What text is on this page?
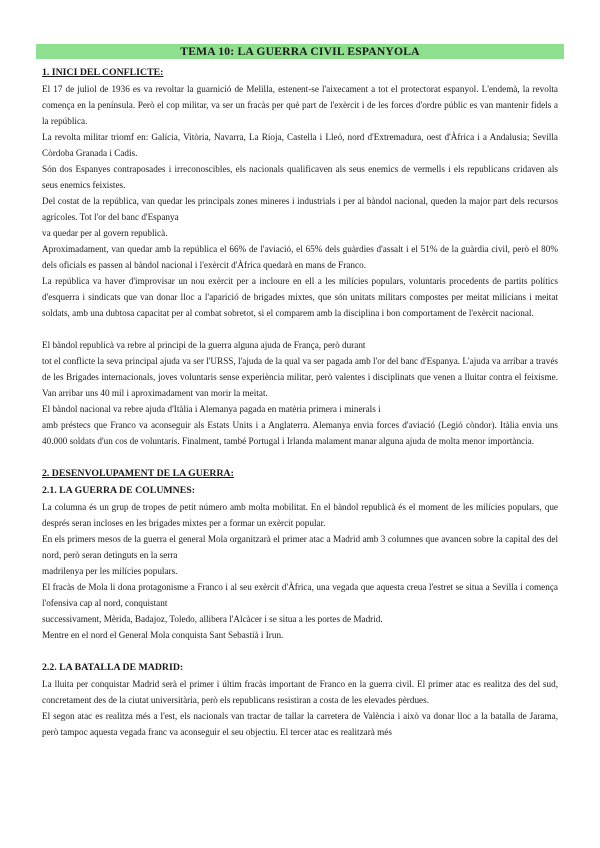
TEMA 10: LA GUERRA CIVIL ESPANYOLA

1. INICI DEL CONFLICTE:

El 17 de juliol de 1936 es va revoltar la guarnició de Melilla, estenent-se l'aixecament a tot el protectorat espanyol. L'endemà, la revolta comença en la península. Però el cop militar, va ser un fracàs per què part de l'exèrcit i de les forces d'ordre públic es van mantenir fidels a la república.

La revolta militar triomf en: Galícia, Vitòria, Navarra, La Rioja, Castella i Lleó, nord d'Extremadura, oest d'Àfrica i a Andalusia; Sevilla Còrdoba Granada i Cadis.

Són dos Espanyes contraposades i irreconoscibles, els nacionals qualificaven als seus enemics de vermells i els republicans cridaven als seus enemics feixistes.

Del costat de la república, van quedar les principals zones mineres i industrials i per al bàndol nacional, queden la major part dels recursos agrícoles. Tot l'or del banc d'Espanya

va quedar per al govern republicà.

Aproximadament, van quedar amb la república el 66% de l'aviació, el 65% dels guàrdies d'assalt i el 51% de la guàrdia civil, però el 80% dels oficials es passen al bàndol nacional i l'exèrcit d'Àfrica quedarà en mans de Franco.

La república va haver d'improvisar un nou exèrcit per a incloure en ell a les milícies populars, voluntaris procedents de partits polítics d'esquerra i sindicats que van donar lloc a l'aparició de brigades mixtes, que són unitats militars compostes per meitat milícians i meitat soldats, amb una dubtosa capacitat per al combat sobretot, si el comparem amb la disciplina i bon comportament de l'exèrcit nacional.

El bàndol republicà va rebre al principi de la guerra alguna ajuda de França, però durant

tot el conflicte la seva principal ajuda va ser l'URSS, l'ajuda de la qual va ser pagada amb l'or del banc d'Espanya. L'ajuda va arribar a través de les Brigades internacionals, joves voluntaris sense experiència militar, però valentes i disciplinats que venen a lluitar contra el feixisme. Van arribar uns 40 mil i aproximadament van morir la meitat.

El bàndol nacional va rebre ajuda d'Itàlia i Alemanya pagada en matèria primera i minerals i

amb préstecs que Franco va aconseguir als Estats Units i a Anglaterra. Alemanya envia forces d'aviació (Legió còndor). Itàlia envia uns 40.000 soldats d'un cos de voluntaris. Finalment, també Portugal i Irlanda malament manar alguna ajuda de molta menor importància.

2. DESENVOLUPAMENT DE LA GUERRA:

2.1. LA GUERRA DE COLUMNES:

La columna és un grup de tropes de petit número amb molta mobilitat. En el bàndol republicà és el moment de les milícies populars, que després seran incloses en les brigades mixtes per a formar un exèrcit popular.

En els primers mesos de la guerra el general Mola organitzarà el primer atac a Madrid amb 3 columnes que avancen sobre la capital des del nord, però seran detinguts en la serra

madrilenya per les milícies populars.

El fracàs de Mola li dona protagonisme a Franco i al seu exèrcit d'Àfrica, una vegada que aquesta creua l'estret se situa a Sevilla i comença l'ofensiva cap al nord, conquistant

successivament, Mèrida, Badajoz, Toledo, allibera l'Alcàcer i se situa a les portes de Madrid.

Mentre en el nord el General Mola conquista Sant Sebastià i Irun.

2.2. LA BATALLA DE MADRID:

La lluita per conquistar Madrid serà el primer i últim fracàs important de Franco en la guerra civil. El primer atac es realitza des del sud, concretament des de la ciutat universitària, però els republicans resistiran a costa de les elevades pèrdues.

El segon atac es realitza més a l'est, els nacionals van tractar de tallar la carretera de València i això va donar lloc a la batalla de Jarama, però tampoc aquesta vegada franc va aconseguir el seu objectiu. El tercer atac es realitzarà més
